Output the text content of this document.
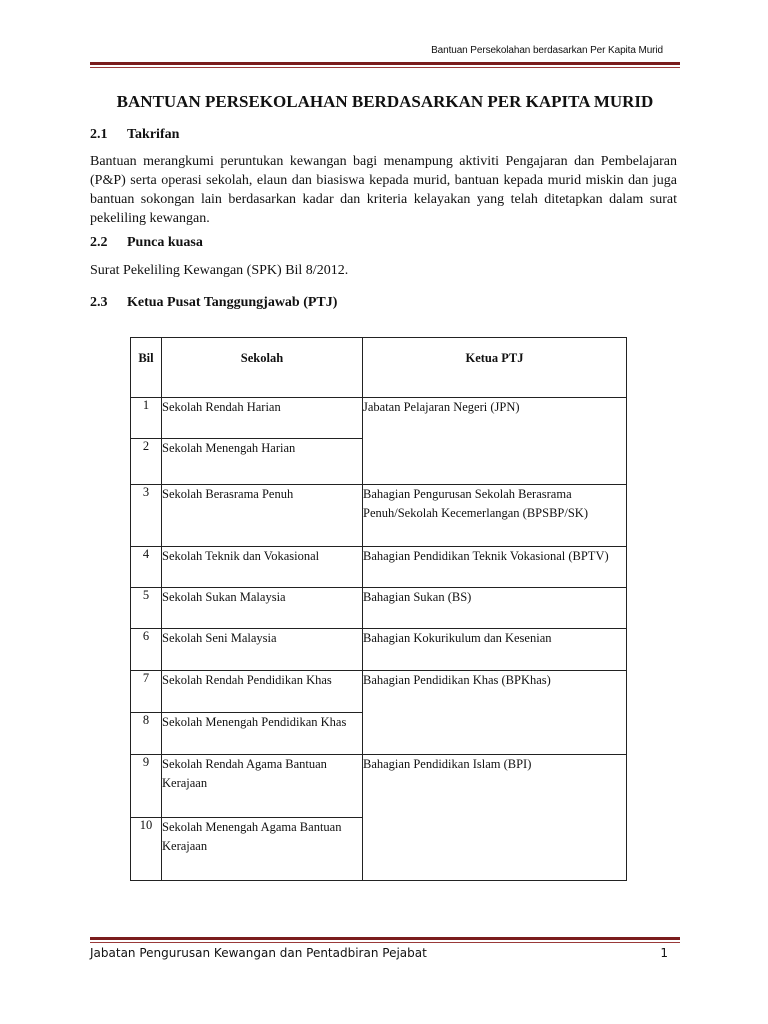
Bantuan Persekolahan berdasarkan Per Kapita Murid
BANTUAN PERSEKOLAHAN BERDASARKAN PER KAPITA MURID
2.1 Takrifan

Bantuan merangkumi peruntukan kewangan bagi menampung aktiviti Pengajaran dan Pembelajaran (P&P) serta operasi sekolah, elaun dan biasiswa kepada murid, bantuan kepada murid miskin dan juga bantuan sokongan lain berdasarkan kadar dan kriteria kelayakan yang telah ditetapkan dalam surat pekeliling kewangan.

2.2 Punca kuasa

Surat Pekeliling Kewangan (SPK) Bil 8/2012.

2.3 Ketua Pusat Tanggungjawab (PTJ)
Bil	Sekolah	Ketua PTJ
1	Sekolah Rendah Harian	Jabatan Pelajaran Negeri (JPN)
2	Sekolah Menengah Harian	
3	Sekolah Berasrama Penuh	Bahagian Pengurusan Sekolah Berasrama Penuh/Sekolah Kecemerlangan (BPSBP/SK)
4	Sekolah Teknik dan Vokasional	Bahagian Pendidikan Teknik Vokasional (BPTV)
5	Sekolah Sukan Malaysia	Bahagian Sukan (BS)
6	Sekolah Seni Malaysia	Bahagian Kokurikulum dan Kesenian
7	Sekolah Rendah Pendidikan Khas	Bahagian Pendidikan Khas (BPKhas)
8	Sekolah Menengah Pendidikan Khas	
9	Sekolah Rendah Agama Bantuan Kerajaan	Bahagian Pendidikan Islam (BPI)
10	Sekolah Menengah Agama Bantuan Kerajaan	
Jabatan Pengurusan Kewangan dan Pentadbiran Pejabat	1
